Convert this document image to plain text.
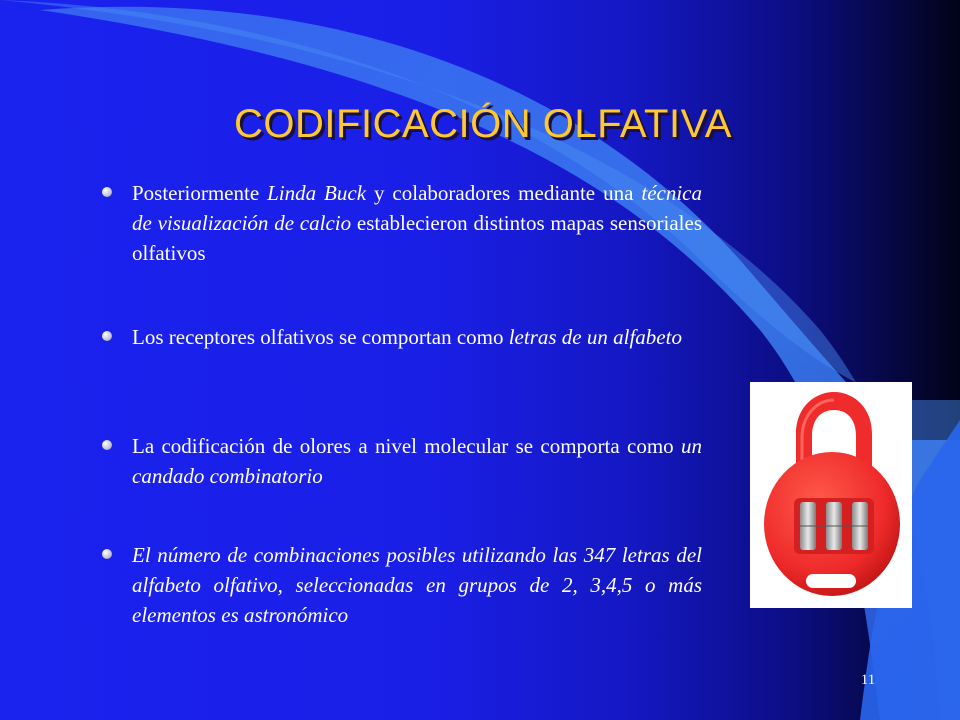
CODIFICACIÓN OLFATIVA
Posteriormente Linda Buck y colaboradores mediante una técnica de visualización de calcio establecieron distintos mapas sensoriales olfativos
Los receptores olfativos se comportan como letras de un alfabeto
La codificación de olores a nivel molecular se comporta como un candado combinatorio
El número de combinaciones posibles utilizando las 347 letras del alfabeto olfativo, seleccionadas en grupos de 2, 3,4,5 o más elementos es astronómico
11
